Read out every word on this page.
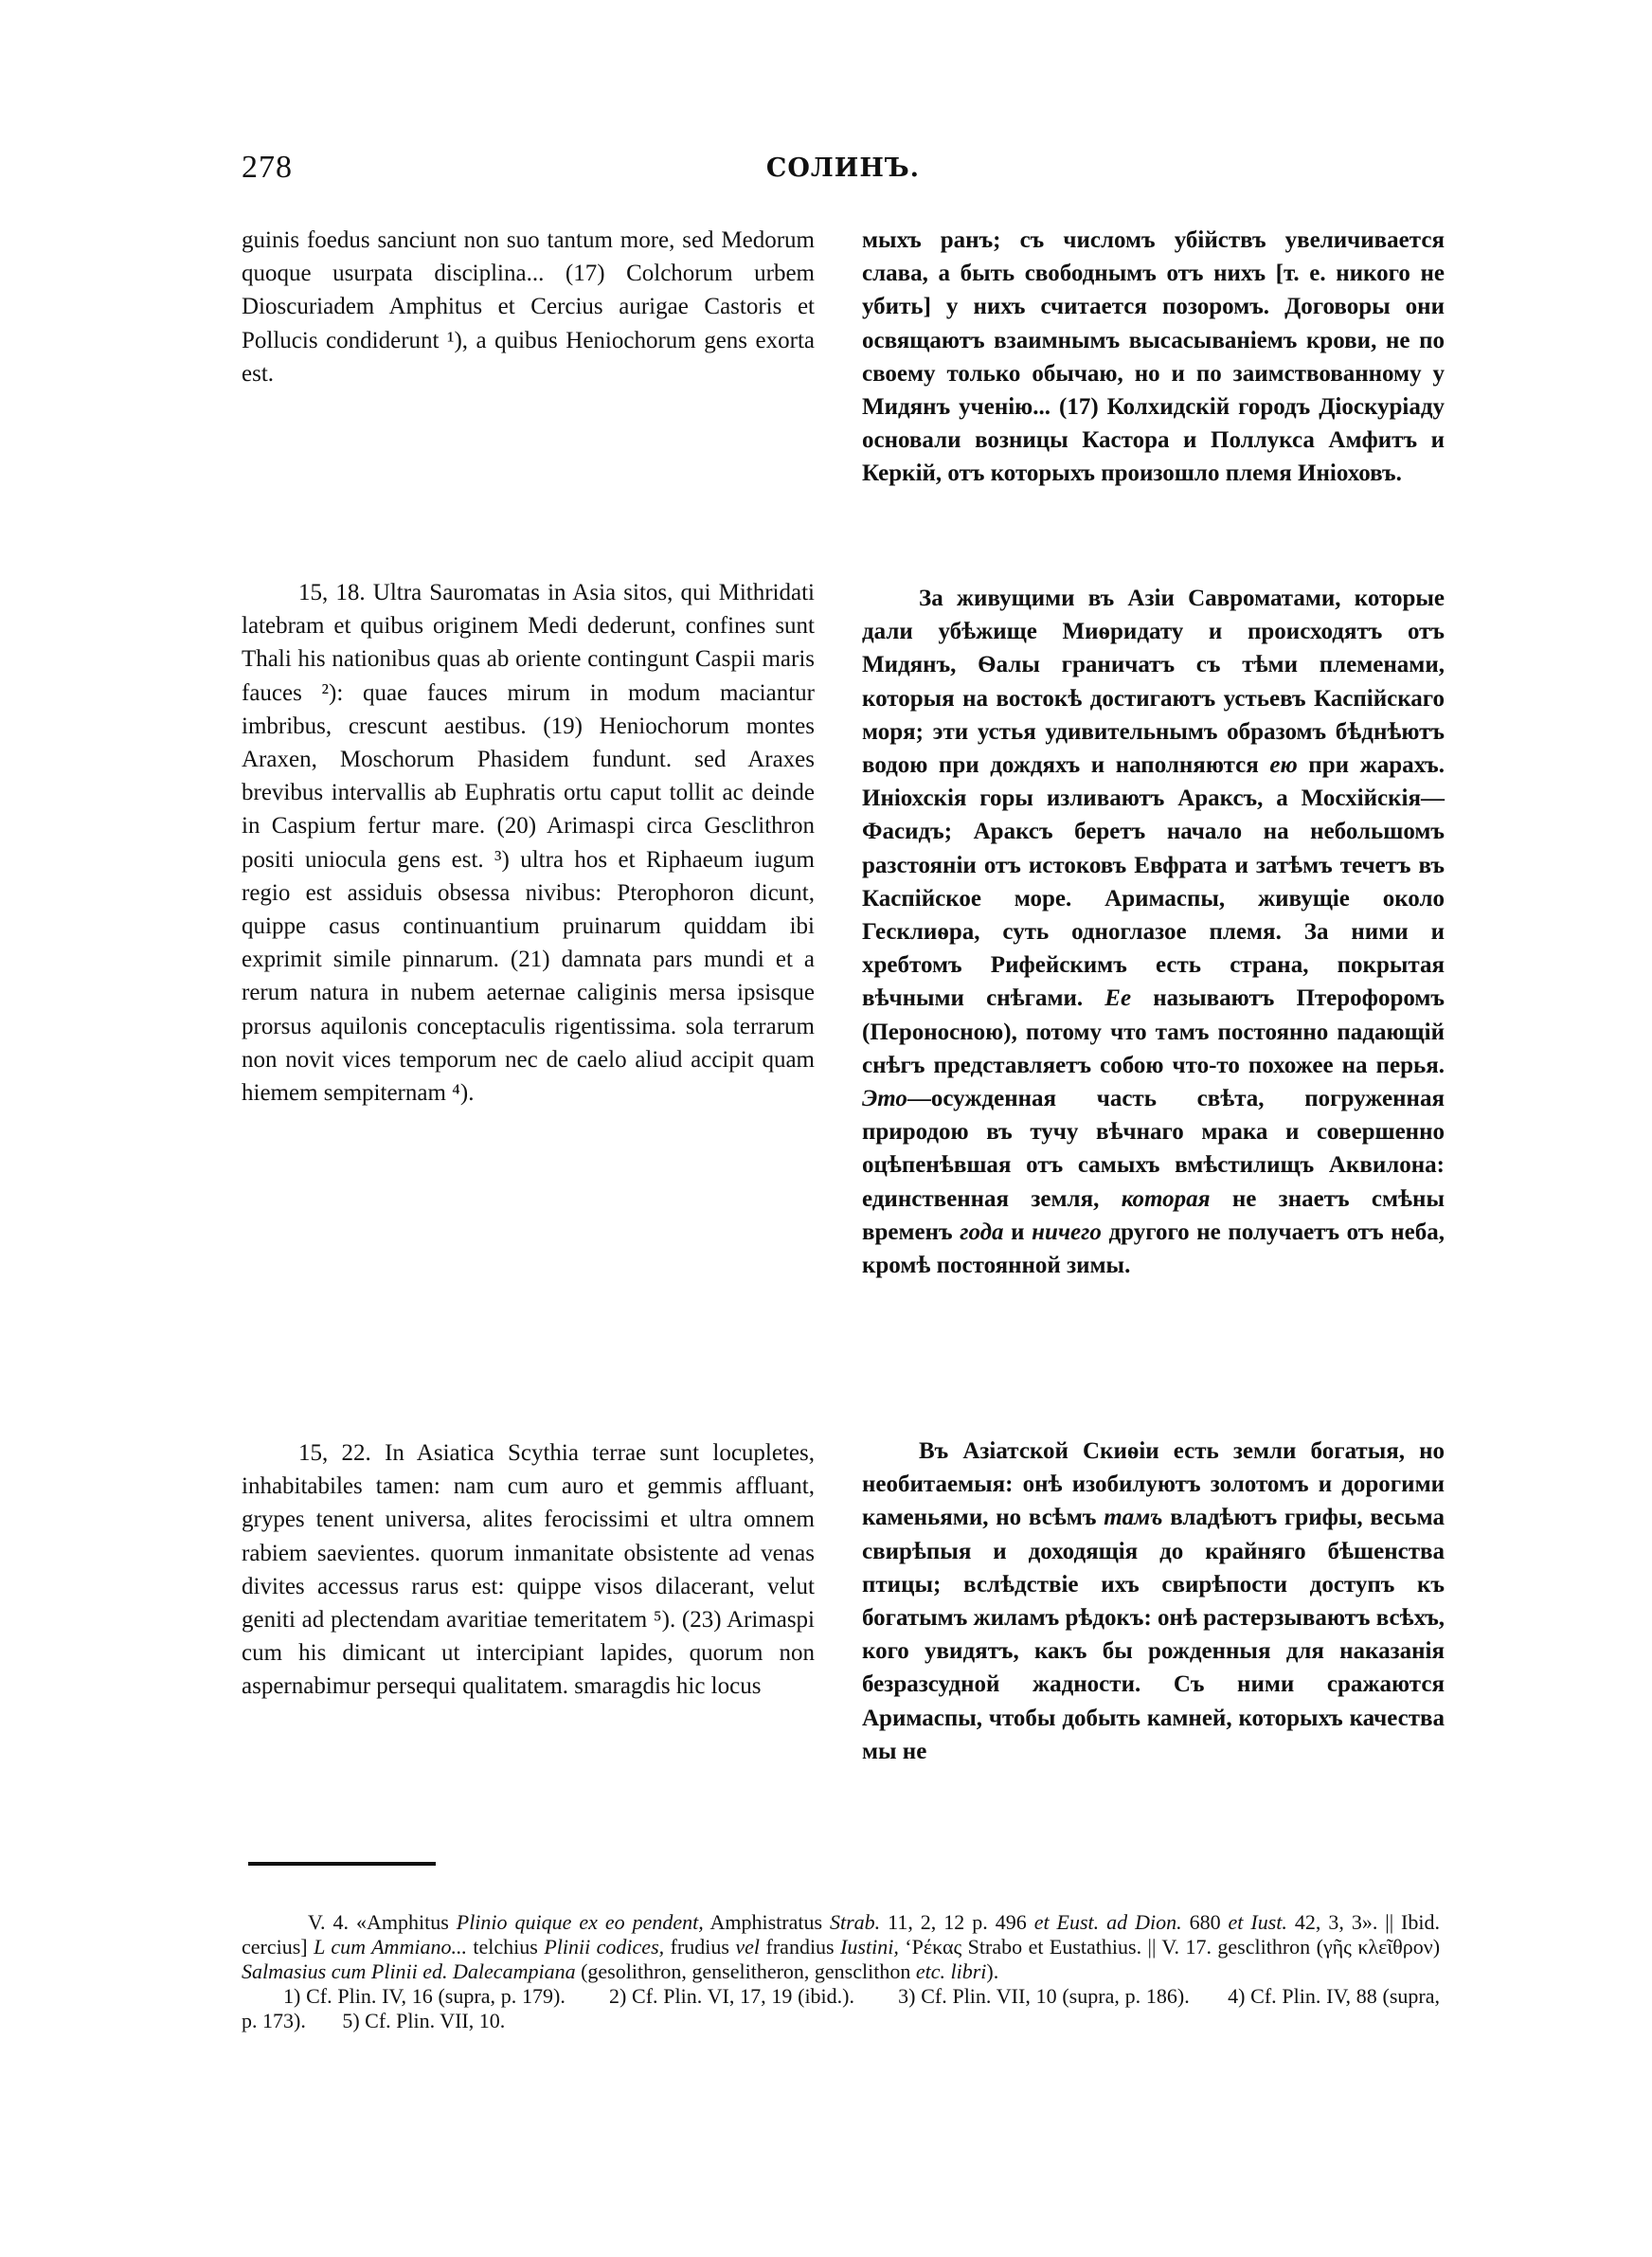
278	СОЛИНЪ.

guinis foedus sanciunt non suo tantum more, sed Medorum quoque usurpata disciplina... (17) Colchorum urbem Dioscuriadem Amphitus et Cercius aurigae Castoris et Pollucis condiderunt ¹), a quibus Heniochorum gens exorta est.

15, 18. Ultra Sauromatas in Asia sitos, qui Mithridati latebram et quibus originem Medi dederunt, confines sunt Thali his nationibus quas ab oriente contingunt Caspii maris fauces ²): quae fauces mirum in modum maciantur imbribus, crescunt aestibus. (19) Heniochorum montes Araxen, Moschorum Phasidem fundunt. sed Araxes brevibus intervallis ab Euphratis ortu caput tollit ac deinde in Caspium fertur mare. (20) Arimaspi circa Gesclithron positi uniocula gens est. ³) ultra hos et Riphaeum iugum regio est assiduis obsessa nivibus: Pterophoron dicunt, quippe casus continuantium pruinarum quiddam ibi exprimit simile pinnarum. (21) damnata pars mundi et a rerum natura in nubem aeternae caliginis mersa ipsisque prorsus aquilonis conceptaculis rigentissima. sola terrarum non novit vices temporum nec de caelo aliud accipit quam hiemem sempiternam ⁴).

15, 22. In Asiatica Scythia terrae sunt locupletes, inhabitabiles tamen: nam cum auro et gemmis affluant, grypes tenent universa, alites ferocissimi et ultra omnem rabiem saevientes. quorum inmanitate obsistente ad venas divites accessus rarus est: quippe visos dilacerant, velut geniti ad plectendam avaritiae temeritatem ⁵). (23) Arimaspi cum his dimicant ut intercipiant lapides, quorum non aspernabimur persequi qualitatem. smaragdis hic locus

мыхъ ранъ; съ числомъ убійствъ увеличивается слава, а быть свободнымъ отъ нихъ [т. е. никого не убить] у нихъ считается позоромъ. Договоры они освящаютъ взаимнымъ высасываніемъ крови, не по своему только обычаю, но и по заимствованному у Мидянъ ученію... (17) Колхидскій городъ Діоскуріаду основали возницы Кастора и Поллукса Амфитъ и Керкій, отъ которыхъ произошло племя Иніоховъ.

За живущими въ Азіи Савроматами, которые дали убѣжище Миѳридату и происходятъ отъ Мидянъ, Ѳалы граничатъ съ тѣми племенами, которыя на востокѣ достигаютъ устьевъ Каспійскаго моря; эти устья удивительнымъ образомъ бѣднѣютъ водою при дождяхъ и наполняются ею при жарахъ. Иніохскія горы изливаютъ Араксъ, а Мосхійскія—Фасидъ; Араксъ беретъ начало на небольшомъ разстояніи отъ истоковъ Евфрата и затѣмъ течетъ въ Каспійское море. Аримаспы, живущіе около Гесклиѳра, суть одноглазое племя. За ними и хребтомъ Рифейскимъ есть страна, покрытая вѣчными снѣгами. Ее называютъ Птерофоромъ (Пероносною), потому что тамъ постоянно падающій снѣгъ представляетъ собою что-то похожее на перья. Это—осужденная часть свѣта, погруженная природою въ тучу вѣчнаго мрака и совершенно оцѣпенѣвшая отъ самыхъ вмѣстилищъ Аквилона: единственная земля, которая не знаетъ смѣны временъ года и ничего другого не получаетъ отъ неба, кромѣ постоянной зимы.

Въ Азіатской Скиѳіи есть земли богатыя, но необитаемыя: онѣ изобилуютъ золотомъ и дорогими каменьями, но всѣмъ тамъ владѣютъ грифы, весьма свирѣпыя и доходящія до крайняго бѣшенства птицы; вслѣдствіе ихъ свирѣпости доступъ къ богатымъ жиламъ рѣдокъ: онѣ растерзываютъ всѣхъ, кого увидятъ, какъ бы рожденныя для наказанія безразсудной жадности. Съ ними сражаются Аримаспы, чтобы добыть камней, которыхъ качества мы не

V. 4. «Amphitus Plinio quique ex eo pendent, Amphistratus Strab. 11, 2, 12 p. 496 et Eust. ad Dion. 680 et Iust. 42, 3, 3». || Ibid. cercius] L cum Ammiano... telchius Plinii codices, frudius vel frandius Iustini, ‘Ρέκας Strabo et Eustathius. || V. 17. gesclithron (γῆς κλεῖθρον) Salmasius cum Plinii ed. Dalecampiana (gesolithron, genselitheron, gensclithon etc. libri).

1) Cf. Plin. IV, 16 (supra, p. 179). 2) Cf. Plin. VI, 17, 19 (ibid.). 3) Cf. Plin. VII, 10 (supra, p. 186). 4) Cf. Plin. IV, 88 (supra, p. 173). 5) Cf. Plin. VII, 10.
